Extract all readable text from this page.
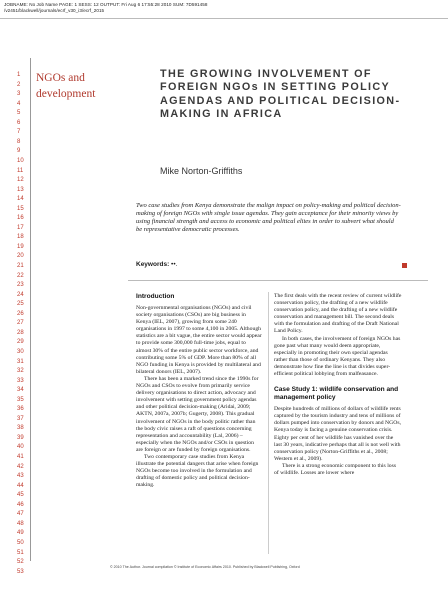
JOBNAME: No Job Name PAGE: 1 SESS: 12 OUTPUT: Fri Aug 6 17:55:28 2010 SUM: 7D591458
/v2451/blackwell/journals/ecrf_v30_i3/ecrf_2015
1
2
3
4
5
6
7
8
9
10
11
12
13
14
15
16
17
18
19
20
21
22
23
24
25
26
27
28
29
30
31
32
33
34
35
36
37
38
39
40
41
42
43
44
45
46
47
48
49
50
51
52
53
NGOs and development
THE GROWING INVOLVEMENT OF FOREIGN NGOs IN SETTING POLICY AGENDAS AND POLITICAL DECISION-MAKING IN AFRICA
Mike Norton-Griffiths
Two case studies from Kenya demonstrate the malign impact on policy-making and political decision-making of foreign NGOs with single issue agendas. They gain acceptance for their minority views by using financial strength and access to economic and political elites in order to subvert what should be representative democratic processes.
Keywords: ••.
Introduction

Non-governmental organisations (NGOs) and civil society organisations (CSOs) are big business in Kenya (IEL, 2007), growing from some 240 organisations in 1997 to some 4,100 in 2005. Although statistics are a bit vague, the entire sector would appear to provide some 300,000 full-time jobs, equal to almost 30% of the entire public sector workforce, and contributing some 5% of GDP. More than 80% of all NGO funding in Kenya is provided by multilateral and bilateral donors (IEL, 2007).

There has been a marked trend since the 1990s for NGOs and CSOs to evolve from primarily service delivery organisations to direct action, advocacy and involvement with setting government policy agendas and other political decision-making (Aridai, 2009; AKTN, 2007a, 2007b; Gugerty, 2008). This gradual involvement of NGOs in the body politic rather than the body civic raises a raft of questions concerning representation and accountability (Lal, 2006) – especially when the NGOs and/or CSOs in question are foreign or are funded by foreign organisations.

Two contemporary case studies from Kenya illustrate the potential dangers that arise when foreign NGOs become too involved in the formulation and drafting of domestic policy and political decision-making.

The first deals with the recent review of current wildlife conservation policy, the drafting of a new wildlife conservation policy, and the drafting of a new wildlife conservation and management bill. The second deals with the formulation and drafting of the Draft National Land Policy.

In both cases, the involvement of foreign NGOs has gone past what many would deem appropriate, especially in promoting their own special agendas rather than those of ordinary Kenyans. They also demonstrate how fine the line is that divides super-efficient political lobbying from malfeasance.

Case Study 1: wildlife conservation and management policy

Despite hundreds of millions of dollars of wildlife rents captured by the tourism industry and tens of millions of dollars pumped into conservation by donors and NGOs, Kenya today is facing a genuine conservation crisis. Eighty per cent of her wildlife has vanished over the last 30 years, indicative perhaps that all is not well with conservation policy (Norton-Griffiths et al., 2008; Western et al., 2009).

There is a strong economic component to this loss of wildlife. Losses are lower where

© 2010 The Author. Journal compilation © Institute of Economic Affairs 2010. Published by Blackwell Publishing, Oxford
